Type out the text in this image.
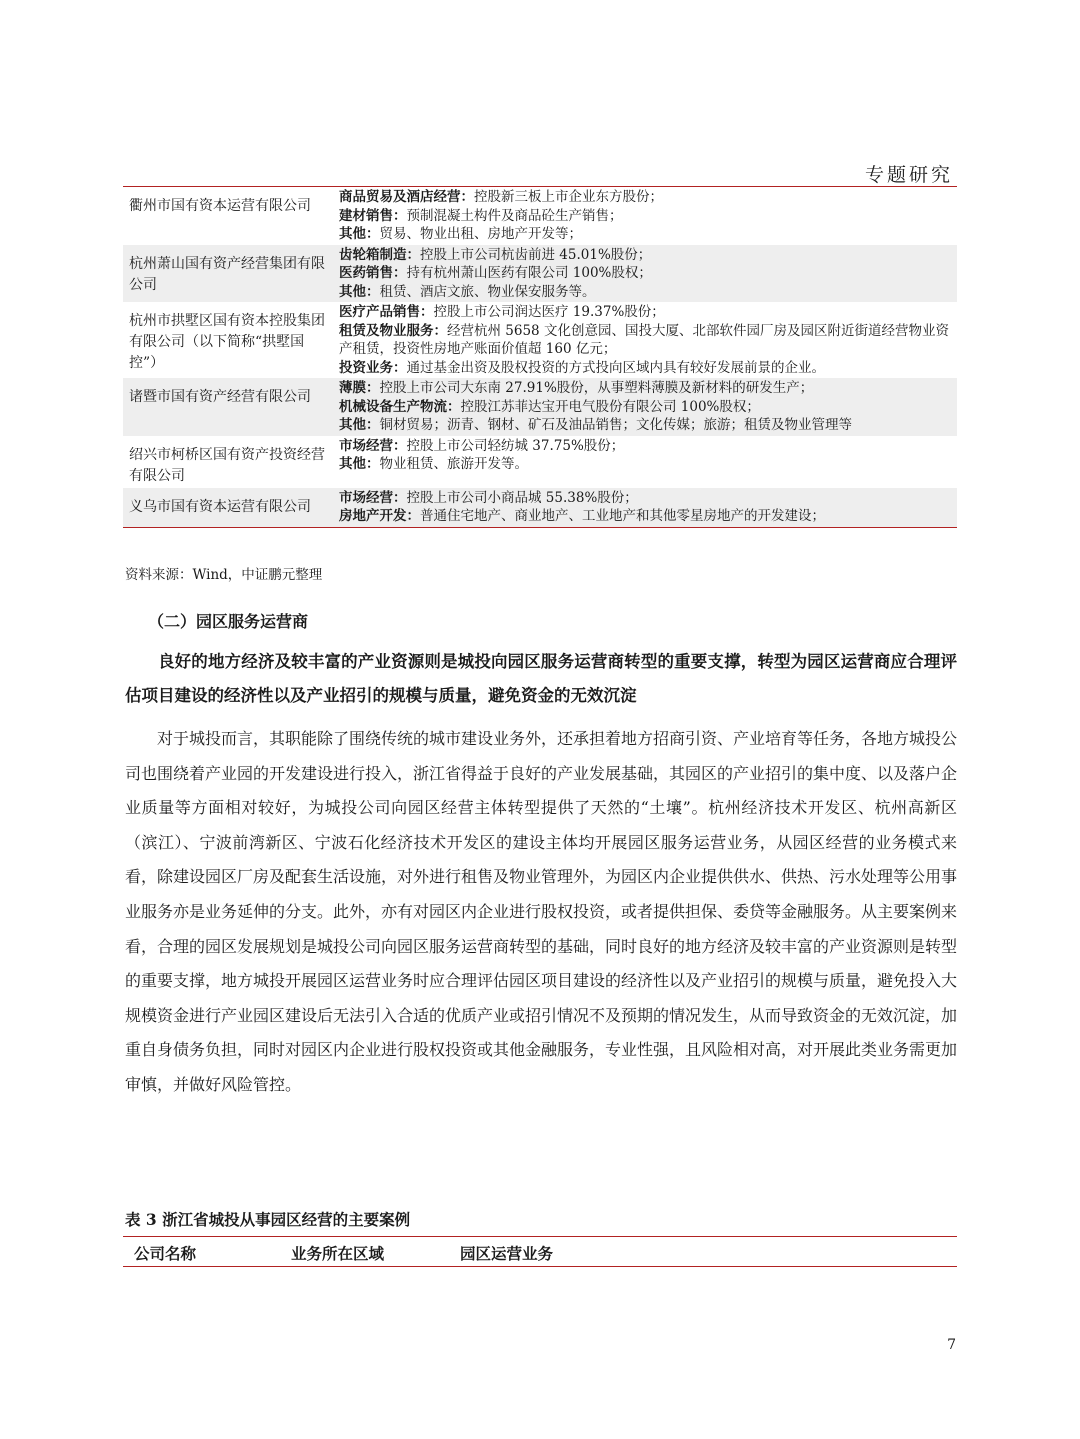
专题研究
衢州市国有资本运营有限公司	商品贸易及酒店经营：控股新三板上市企业东方股份；
建材销售：预制混凝土构件及商品砼生产销售；
其他：贸易、物业出租、房地产开发等；

杭州萧山国有资产经营集团有限公司	齿轮箱制造：控股上市公司杭齿前进 45.01%股份；
医药销售：持有杭州萧山医药有限公司 100%股权；
其他：租赁、酒店文旅、物业保安服务等。

杭州市拱墅区国有资本控股集团有限公司（以下简称“拱墅国控”）	医疗产品销售：控股上市公司润达医疗 19.37%股份；
租赁及物业服务：经营杭州 5658 文化创意园、国投大厦、北部软件园厂房及园区附近街道经营物业资产租赁，投资性房地产账面价值超 160 亿元；
投资业务：通过基金出资及股权投资的方式投向区域内具有较好发展前景的企业。

诸暨市国有资产经营有限公司	薄膜：控股上市公司大东南 27.91%股份，从事塑料薄膜及新材料的研发生产；
机械设备生产物流：控股江苏菲达宝开电气股份有限公司 100%股权；
其他：铜材贸易；沥青、钢材、矿石及油品销售；文化传媒；旅游；租赁及物业管理等

绍兴市柯桥区国有资产投资经营有限公司	市场经营：控股上市公司轻纺城 37.75%股份；
其他：物业租赁、旅游开发等。

义乌市国有资本运营有限公司	市场经营：控股上市公司小商品城 55.38%股份；
房地产开发：普通住宅地产、商业地产、工业地产和其他零星房地产的开发建设；
资料来源：Wind，中证鹏元整理
（二）园区服务运营商
良好的地方经济及较丰富的产业资源则是城投向园区服务运营商转型的重要支撑，转型为园区运营商应合理评估项目建设的经济性以及产业招引的规模与质量，避免资金的无效沉淀
对于城投而言，其职能除了围绕传统的城市建设业务外，还承担着地方招商引资、产业培育等任务，各地方城投公司也围绕着产业园的开发建设进行投入，浙江省得益于良好的产业发展基础，其园区的产业招引的集中度、以及落户企业质量等方面相对较好，为城投公司向园区经营主体转型提供了天然的“土壤”。杭州经济技术开发区、杭州高新区（滨江）、宁波前湾新区、宁波石化经济技术开发区的建设主体均开展园区服务运营业务，从园区经营的业务模式来看，除建设园区厂房及配套生活设施，对外进行租售及物业管理外，为园区内企业提供供水、供热、污水处理等公用事业服务亦是业务延伸的分支。此外，亦有对园区内企业进行股权投资，或者提供担保、委贷等金融服务。从主要案例来看，合理的园区发展规划是城投公司向园区服务运营商转型的基础，同时良好的地方经济及较丰富的产业资源则是转型的重要支撑，地方城投开展园区运营业务时应合理评估园区项目建设的经济性以及产业招引的规模与质量，避免投入大规模资金进行产业园区建设后无法引入合适的优质产业或招引情况不及预期的情况发生，从而导致资金的无效沉淀，加重自身债务负担，同时对园区内企业进行股权投资或其他金融服务，专业性强，且风险相对高，对开展此类业务需更加审慎，并做好风险管控。
表 3 浙江省城投从事园区经营的主要案例
公司名称	业务所在区域	园区运营业务
7
